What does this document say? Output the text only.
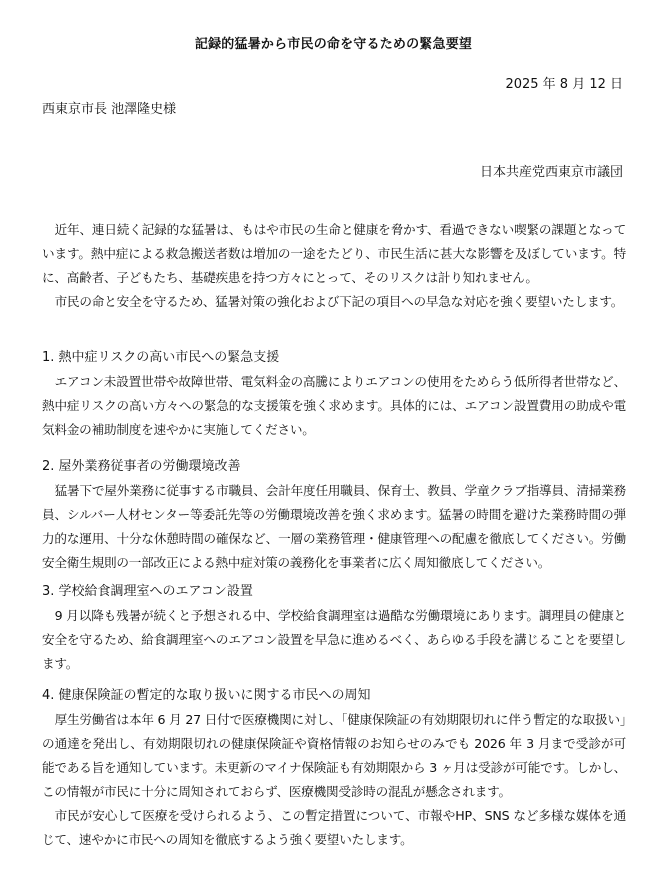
記録的猛暑から市民の命を守るための緊急要望
2025 年 8 月 12 日
西東京市長 池澤隆史様
日本共産党西東京市議団

近年、連日続く記録的な猛暑は、もはや市民の生命と健康を脅かす、看過できない喫緊の課題となっています。熱中症による救急搬送者数は増加の一途をたどり、市民生活に甚大な影響を及ぼしています。特に、高齢者、子どもたち、基礎疾患を持つ方々にとって、そのリスクは計り知れません。

市民の命と安全を守るため、猛暑対策の強化および下記の項目への早急な対応を強く要望いたします。

1. 熱中症リスクの高い市民への緊急支援

エアコン未設置世帯や故障世帯、電気料金の高騰によりエアコンの使用をためらう低所得者世帯など、熱中症リスクの高い方々への緊急的な支援策を強く求めます。具体的には、エアコン設置費用の助成や電気料金の補助制度を速やかに実施してください。

2. 屋外業務従事者の労働環境改善

猛暑下で屋外業務に従事する市職員、会計年度任用職員、保育士、教員、学童クラブ指導員、清掃業務員、シルバー人材センター等委託先等の労働環境改善を強く求めます。猛暑の時間を避けた業務時間の弾力的な運用、十分な休憩時間の確保など、一層の業務管理・健康管理への配慮を徹底してください。労働安全衛生規則の一部改正による熱中症対策の義務化を事業者に広く周知徹底してください。

3. 学校給食調理室へのエアコン設置

9 月以降も残暑が続くと予想される中、学校給食調理室は過酷な労働環境にあります。調理員の健康と安全を守るため、給食調理室へのエアコン設置を早急に進めるべく、あらゆる手段を講じることを要望します。

4. 健康保険証の暫定的な取り扱いに関する市民への周知

厚生労働省は本年 6 月 27 日付で医療機関に対し、「健康保険証の有効期限切れに伴う暫定的な取扱い」の通達を発出し、有効期限切れの健康保険証や資格情報のお知らせのみでも 2026 年 3 月まで受診が可能である旨を通知しています。未更新のマイナ保険証も有効期限から 3 ヶ月は受診が可能です。しかし、この情報が市民に十分に周知されておらず、医療機関受診時の混乱が懸念されます。

市民が安心して医療を受けられるよう、この暫定措置について、市報やHP、SNS など多様な媒体を通じて、速やかに市民への周知を徹底するよう強く要望いたします。
